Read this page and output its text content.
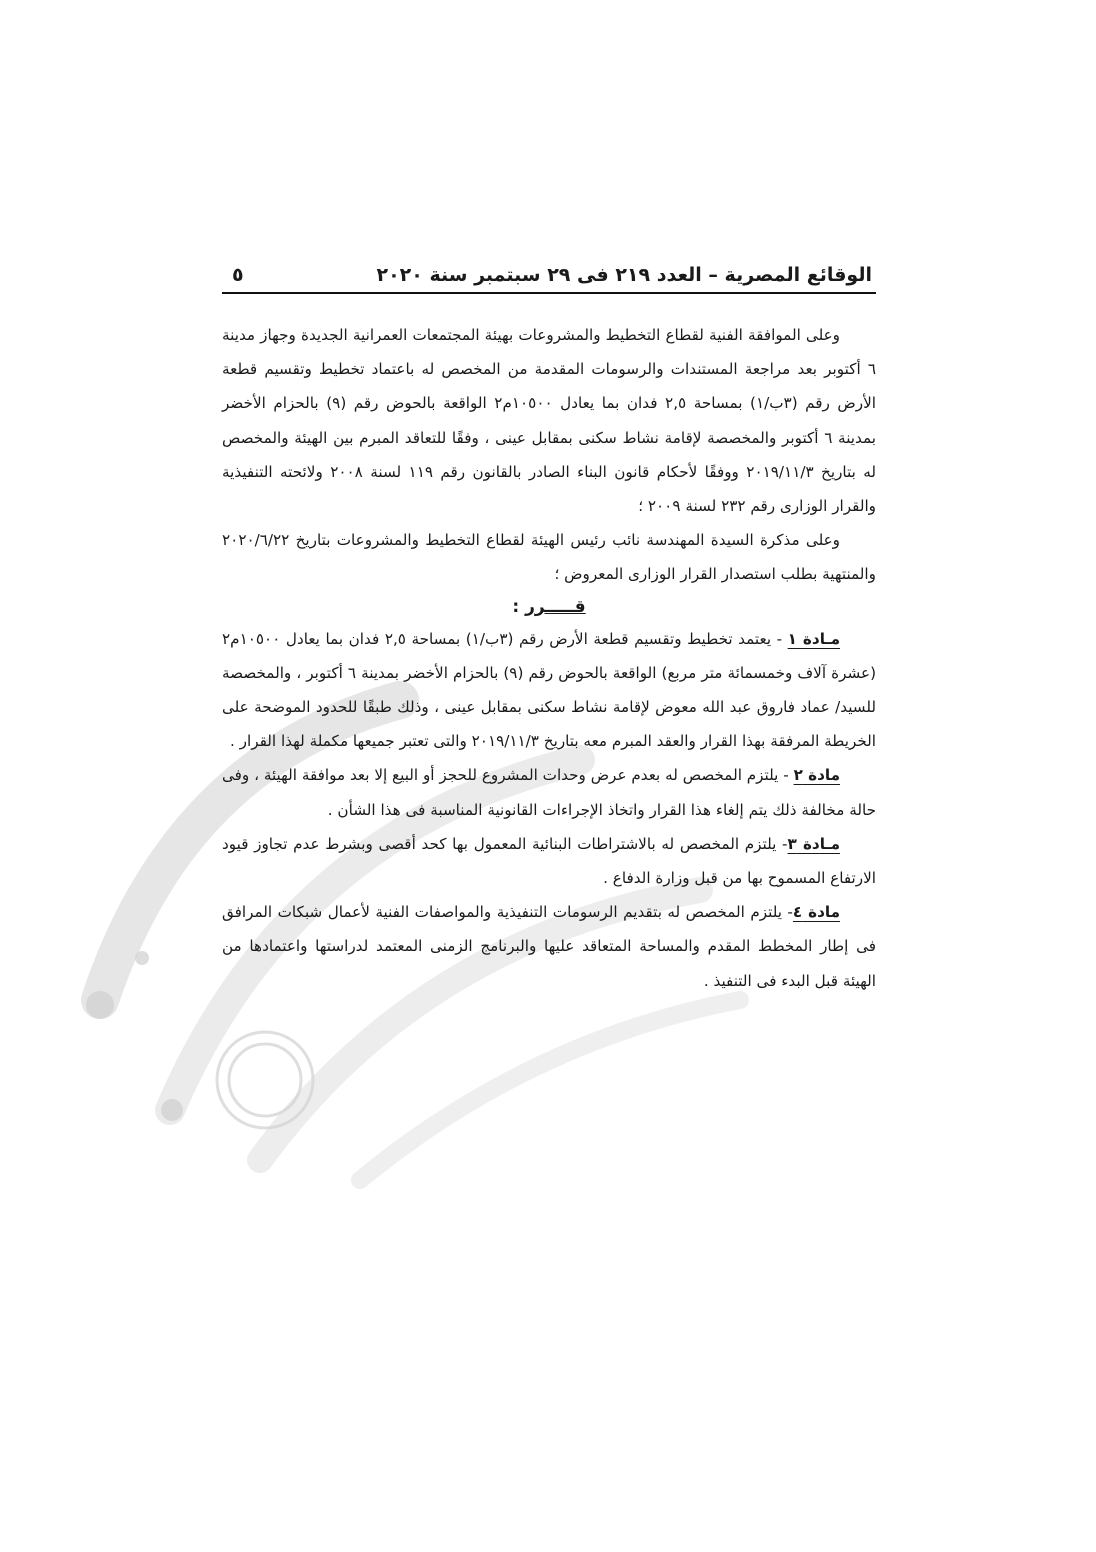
الوقائع المصرية – العدد ٢١٩ فى ٢٩ سبتمبر سنة ٢٠٢٠
٥

وعلى الموافقة الفنية لقطاع التخطيط والمشروعات بهيئة المجتمعات العمرانية الجديدة وجهاز مدينة ٦ أكتوبر بعد مراجعة المستندات والرسومات المقدمة من المخصص له باعتماد تخطيط وتقسيم قطعة الأرض رقم (٣ب/١) بمساحة ٢,٥ فدان بما يعادل ١٠٥٠٠م٢ الواقعة بالحوض رقم (٩) بالحزام الأخضر بمدينة ٦ أكتوبر والمخصصة لإقامة نشاط سكنى بمقابل عينى ، وفقًا للتعاقد المبرم بين الهيئة والمخصص له بتاريخ ٢٠١٩/١١/٣ ووفقًا لأحكام قانون البناء الصادر بالقانون رقم ١١٩ لسنة ٢٠٠٨ ولائحته التنفيذية والقرار الوزارى رقم ٢٣٢ لسنة ٢٠٠٩ ؛

وعلى مذكرة السيدة المهندسة نائب رئيس الهيئة لقطاع التخطيط والمشروعات بتاريخ ٢٠٢٠/٦/٢٢ والمنتهية بطلب استصدار القرار الوزارى المعروض ؛

قـــــرر :

مـادة ١ - يعتمد تخطيط وتقسيم قطعة الأرض رقم (٣ب/١) بمساحة ٢,٥ فدان بما يعادل ١٠٥٠٠م٢ (عشرة آلاف وخمسمائة متر مربع) الواقعة بالحوض رقم (٩) بالحزام الأخضر بمدينة ٦ أكتوبر ، والمخصصة للسيد/ عماد فاروق عبد الله معوض لإقامة نشاط سكنى بمقابل عينى ، وذلك طبقًا للحدود الموضحة على الخريطة المرفقة بهذا القرار والعقد المبرم معه بتاريخ ٢٠١٩/١١/٣ والتى تعتبر جميعها مكملة لهذا القرار .

مادة ٢ - يلتزم المخصص له بعدم عرض وحدات المشروع للحجز أو البيع إلا بعد موافقة الهيئة ، وفى حالة مخالفة ذلك يتم إلغاء هذا القرار واتخاذ الإجراءات القانونية المناسبة فى هذا الشأن .

مـادة ٣- يلتزم المخصص له بالاشتراطات البنائية المعمول بها كحد أقصى وبشرط عدم تجاوز قيود الارتفاع المسموح بها من قبل وزارة الدفاع .

مادة ٤- يلتزم المخصص له بتقديم الرسومات التنفيذية والمواصفات الفنية لأعمال شبكات المرافق فى إطار المخطط المقدم والمساحة المتعاقد عليها والبرنامج الزمنى المعتمد لدراستها واعتمادها من الهيئة قبل البدء فى التنفيذ .
